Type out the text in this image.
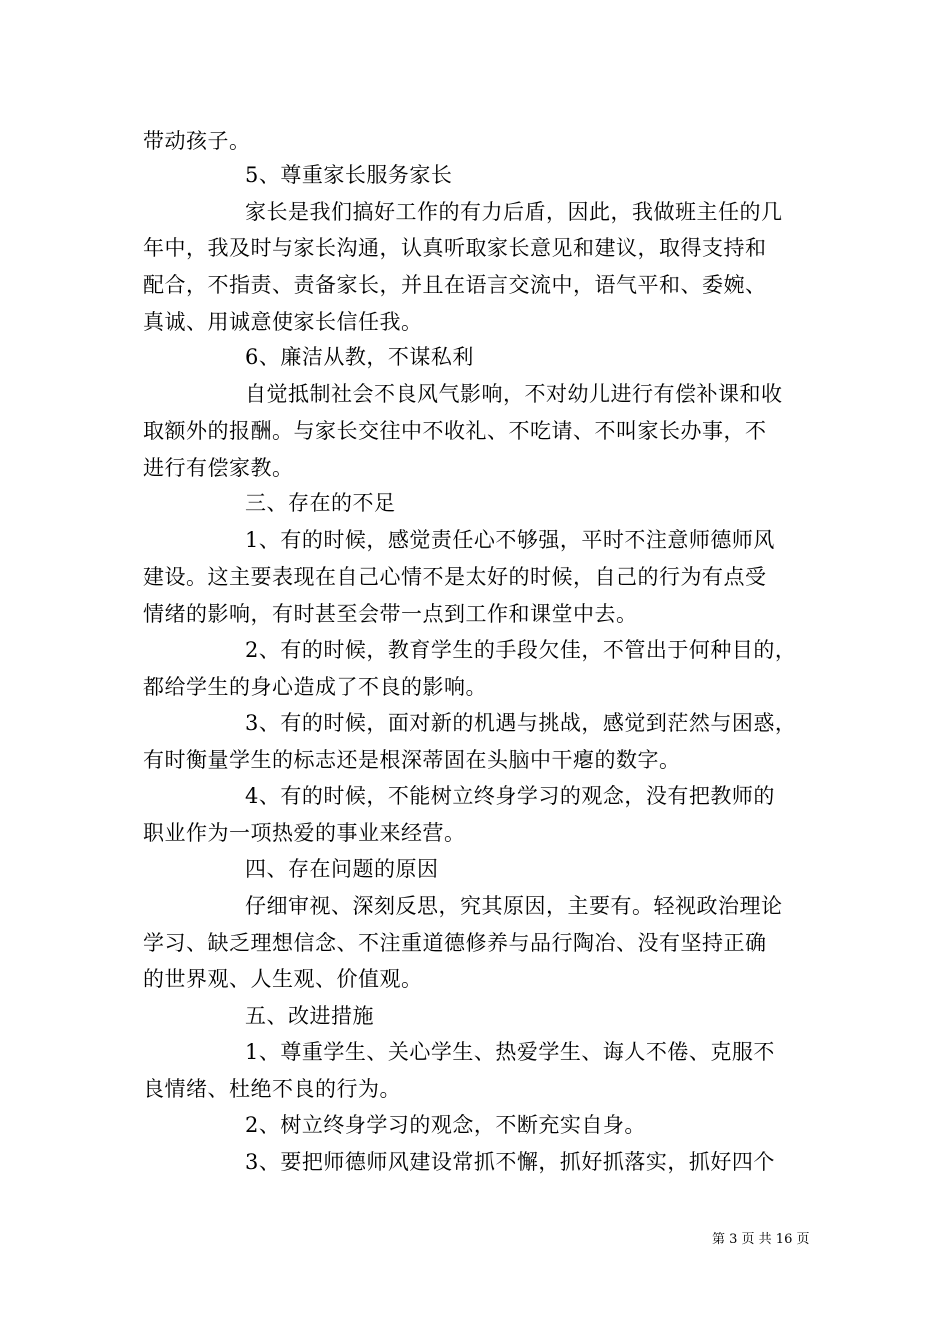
带动孩子。
5、尊重家长服务家长
家长是我们搞好工作的有力后盾，因此，我做班主任的几
年中，我及时与家长沟通，认真听取家长意见和建议，取得支持和
配合，不指责、责备家长，并且在语言交流中，语气平和、委婉、
真诚、用诚意使家长信任我。
6、廉洁从教，不谋私利
自觉抵制社会不良风气影响，不对幼儿进行有偿补课和收
取额外的报酬。与家长交往中不收礼、不吃请、不叫家长办事，不
进行有偿家教。
三、存在的不足
1、有的时候，感觉责任心不够强，平时不注意师德师风
建设。这主要表现在自己心情不是太好的时候，自己的行为有点受
情绪的影响，有时甚至会带一点到工作和课堂中去。
2、有的时候，教育学生的手段欠佳，不管出于何种目的，
都给学生的身心造成了不良的影响。
3、有的时候，面对新的机遇与挑战，感觉到茫然与困惑，
有时衡量学生的标志还是根深蒂固在头脑中干瘪的数字。
4、有的时候，不能树立终身学习的观念，没有把教师的
职业作为一项热爱的事业来经营。
四、存在问题的原因
仔细审视、深刻反思，究其原因，主要有。轻视政治理论
学习、缺乏理想信念、不注重道德修养与品行陶冶、没有坚持正确
的世界观、人生观、价值观。
五、改进措施
1、尊重学生、关心学生、热爱学生、诲人不倦、克服不
良情绪、杜绝不良的行为。
2、树立终身学习的观念，不断充实自身。
3、要把师德师风建设常抓不懈，抓好抓落实，抓好四个
第 3 页 共 16 页
